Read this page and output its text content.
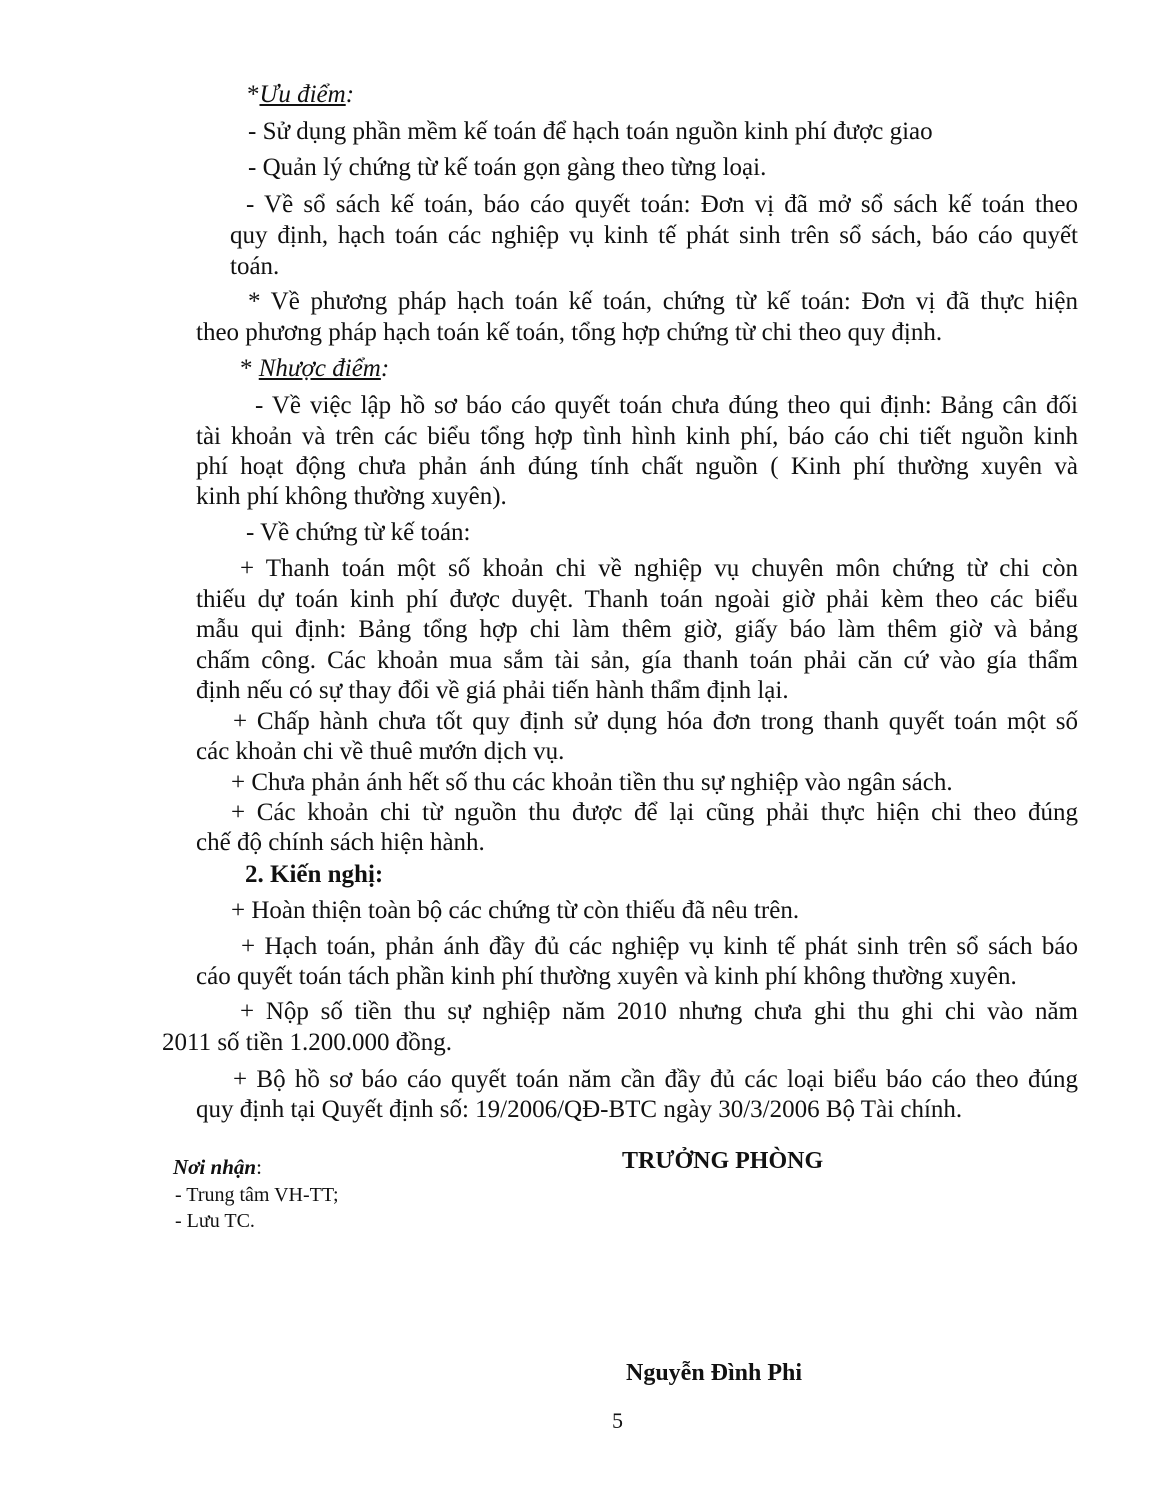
*Ưu điểm:
- Sử dụng phần mềm kế toán để hạch toán nguồn kinh phí được giao
- Quản lý chứng từ kế toán gọn gàng theo từng loại.
- Về sổ sách kế toán, báo cáo quyết toán: Đơn vị đã mở sổ sách kế toán theo
quy định, hạch toán các nghiệp vụ kinh tế phát sinh trên sổ sách, báo cáo quyết
toán.
* Về phương pháp hạch toán kế toán, chứng từ kế toán: Đơn vị đã thực hiện
theo phương pháp hạch toán kế toán, tổng hợp chứng từ chi theo quy định.
* Nhược điểm:
- Về việc lập hồ sơ báo cáo quyết toán chưa đúng theo qui định: Bảng cân đối
tài khoản và trên các biểu tổng hợp tình hình kinh phí, báo cáo chi tiết nguồn kinh
phí hoạt động chưa phản ánh đúng tính chất nguồn ( Kinh phí thường xuyên và
kinh phí không thường xuyên).
- Về chứng từ kế toán:
+ Thanh toán một số khoản chi về nghiệp vụ chuyên môn chứng từ chi còn
thiếu dự toán kinh phí được duyệt. Thanh toán ngoài giờ phải kèm theo các biểu
mẫu qui định: Bảng tổng hợp chi làm thêm giờ, giấy báo làm thêm giờ và bảng
chấm công. Các khoản mua sắm tài sản, gía thanh toán phải căn cứ vào gía thẩm
định nếu có sự thay đổi về giá phải tiến hành thẩm định lại.
+ Chấp hành chưa tốt quy định sử dụng hóa đơn trong thanh quyết toán một số
các khoản chi về thuê mướn dịch vụ.
+ Chưa phản ánh hết số thu các khoản tiền thu sự nghiệp vào ngân sách.
+ Các khoản chi từ nguồn thu được để lại cũng phải thực hiện chi theo đúng
chế độ chính sách hiện hành.
2. Kiến nghị:
+ Hoàn thiện toàn bộ các chứng từ còn thiếu đã nêu trên.
+ Hạch toán, phản ánh đầy đủ các nghiệp vụ kinh tế phát sinh trên sổ sách báo
cáo quyết toán tách phần kinh phí thường xuyên và kinh phí không thường xuyên.
+ Nộp số tiền thu sự nghiệp năm 2010 nhưng chưa ghi thu ghi chi vào năm
2011 số tiền 1.200.000 đồng.
+ Bộ hồ sơ báo cáo quyết toán năm cần đầy đủ các loại biểu báo cáo theo đúng
quy định tại Quyết định số: 19/2006/QĐ-BTC ngày 30/3/2006 Bộ Tài chính.
Nơi nhận:
- Trung tâm VH-TT;
- Lưu TC.
TRƯỞNG PHÒNG
Nguyễn Đình Phi
5
